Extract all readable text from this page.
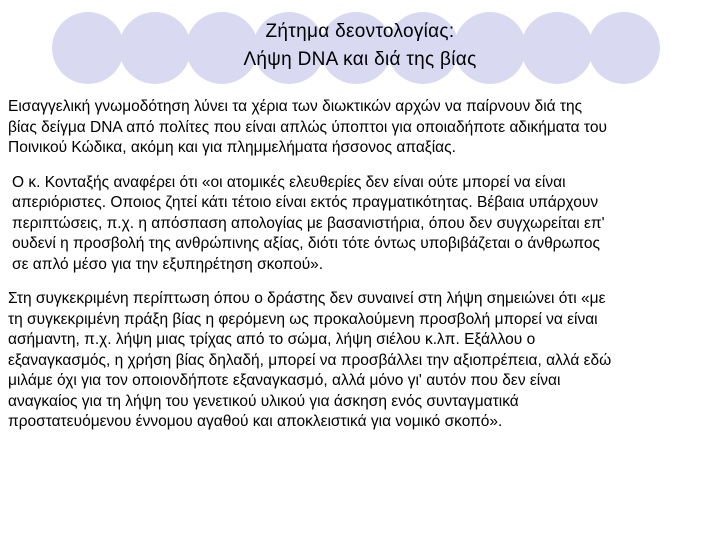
Ζήτημα δεοντολογίας:
Λήψη DNA και διά της βίας

Εισαγγελική γνωμοδότηση λύνει τα χέρια των διωκτικών αρχών να παίρνουν διά της
βίας δείγμα DNA από πολίτες που είναι απλώς ύποπτοι για οποιαδήποτε αδικήματα του
Ποινικού Κώδικα, ακόμη και για πλημμελήματα ήσσονος απαξίας.

Ο κ. Κονταξής αναφέρει ότι «οι ατομικές ελευθερίες δεν είναι ούτε μπορεί να είναι
απεριόριστες. Οποιος ζητεί κάτι τέτοιο είναι εκτός πραγματικότητας. Βέβαια υπάρχουν
περιπτώσεις, π.χ. η απόσπαση απολογίας με βασανιστήρια, όπου δεν συγχωρείται επ'
ουδενί η προσβολή της ανθρώπινης αξίας, διότι τότε όντως υποβιβάζεται ο άνθρωπος
σε απλό μέσο για την εξυπηρέτηση σκοπού».

Στη συγκεκριμένη περίπτωση όπου ο δράστης δεν συναινεί στη λήψη σημειώνει ότι «με
τη συγκεκριμένη πράξη βίας η φερόμενη ως προκαλούμενη προσβολή μπορεί να είναι
ασήμαντη, π.χ. λήψη μιας τρίχας από το σώμα, λήψη σιέλου κ.λπ. Εξάλλου ο
εξαναγκασμός, η χρήση βίας δηλαδή, μπορεί να προσβάλλει την αξιοπρέπεια, αλλά εδώ
μιλάμε όχι για τον οποιονδήποτε εξαναγκασμό, αλλά μόνο γι' αυτόν που δεν είναι
αναγκαίος για τη λήψη του γενετικού υλικού για άσκηση ενός συνταγματικά
προστατευόμενου έννομου αγαθού και αποκλειστικά για νομικό σκοπό».
